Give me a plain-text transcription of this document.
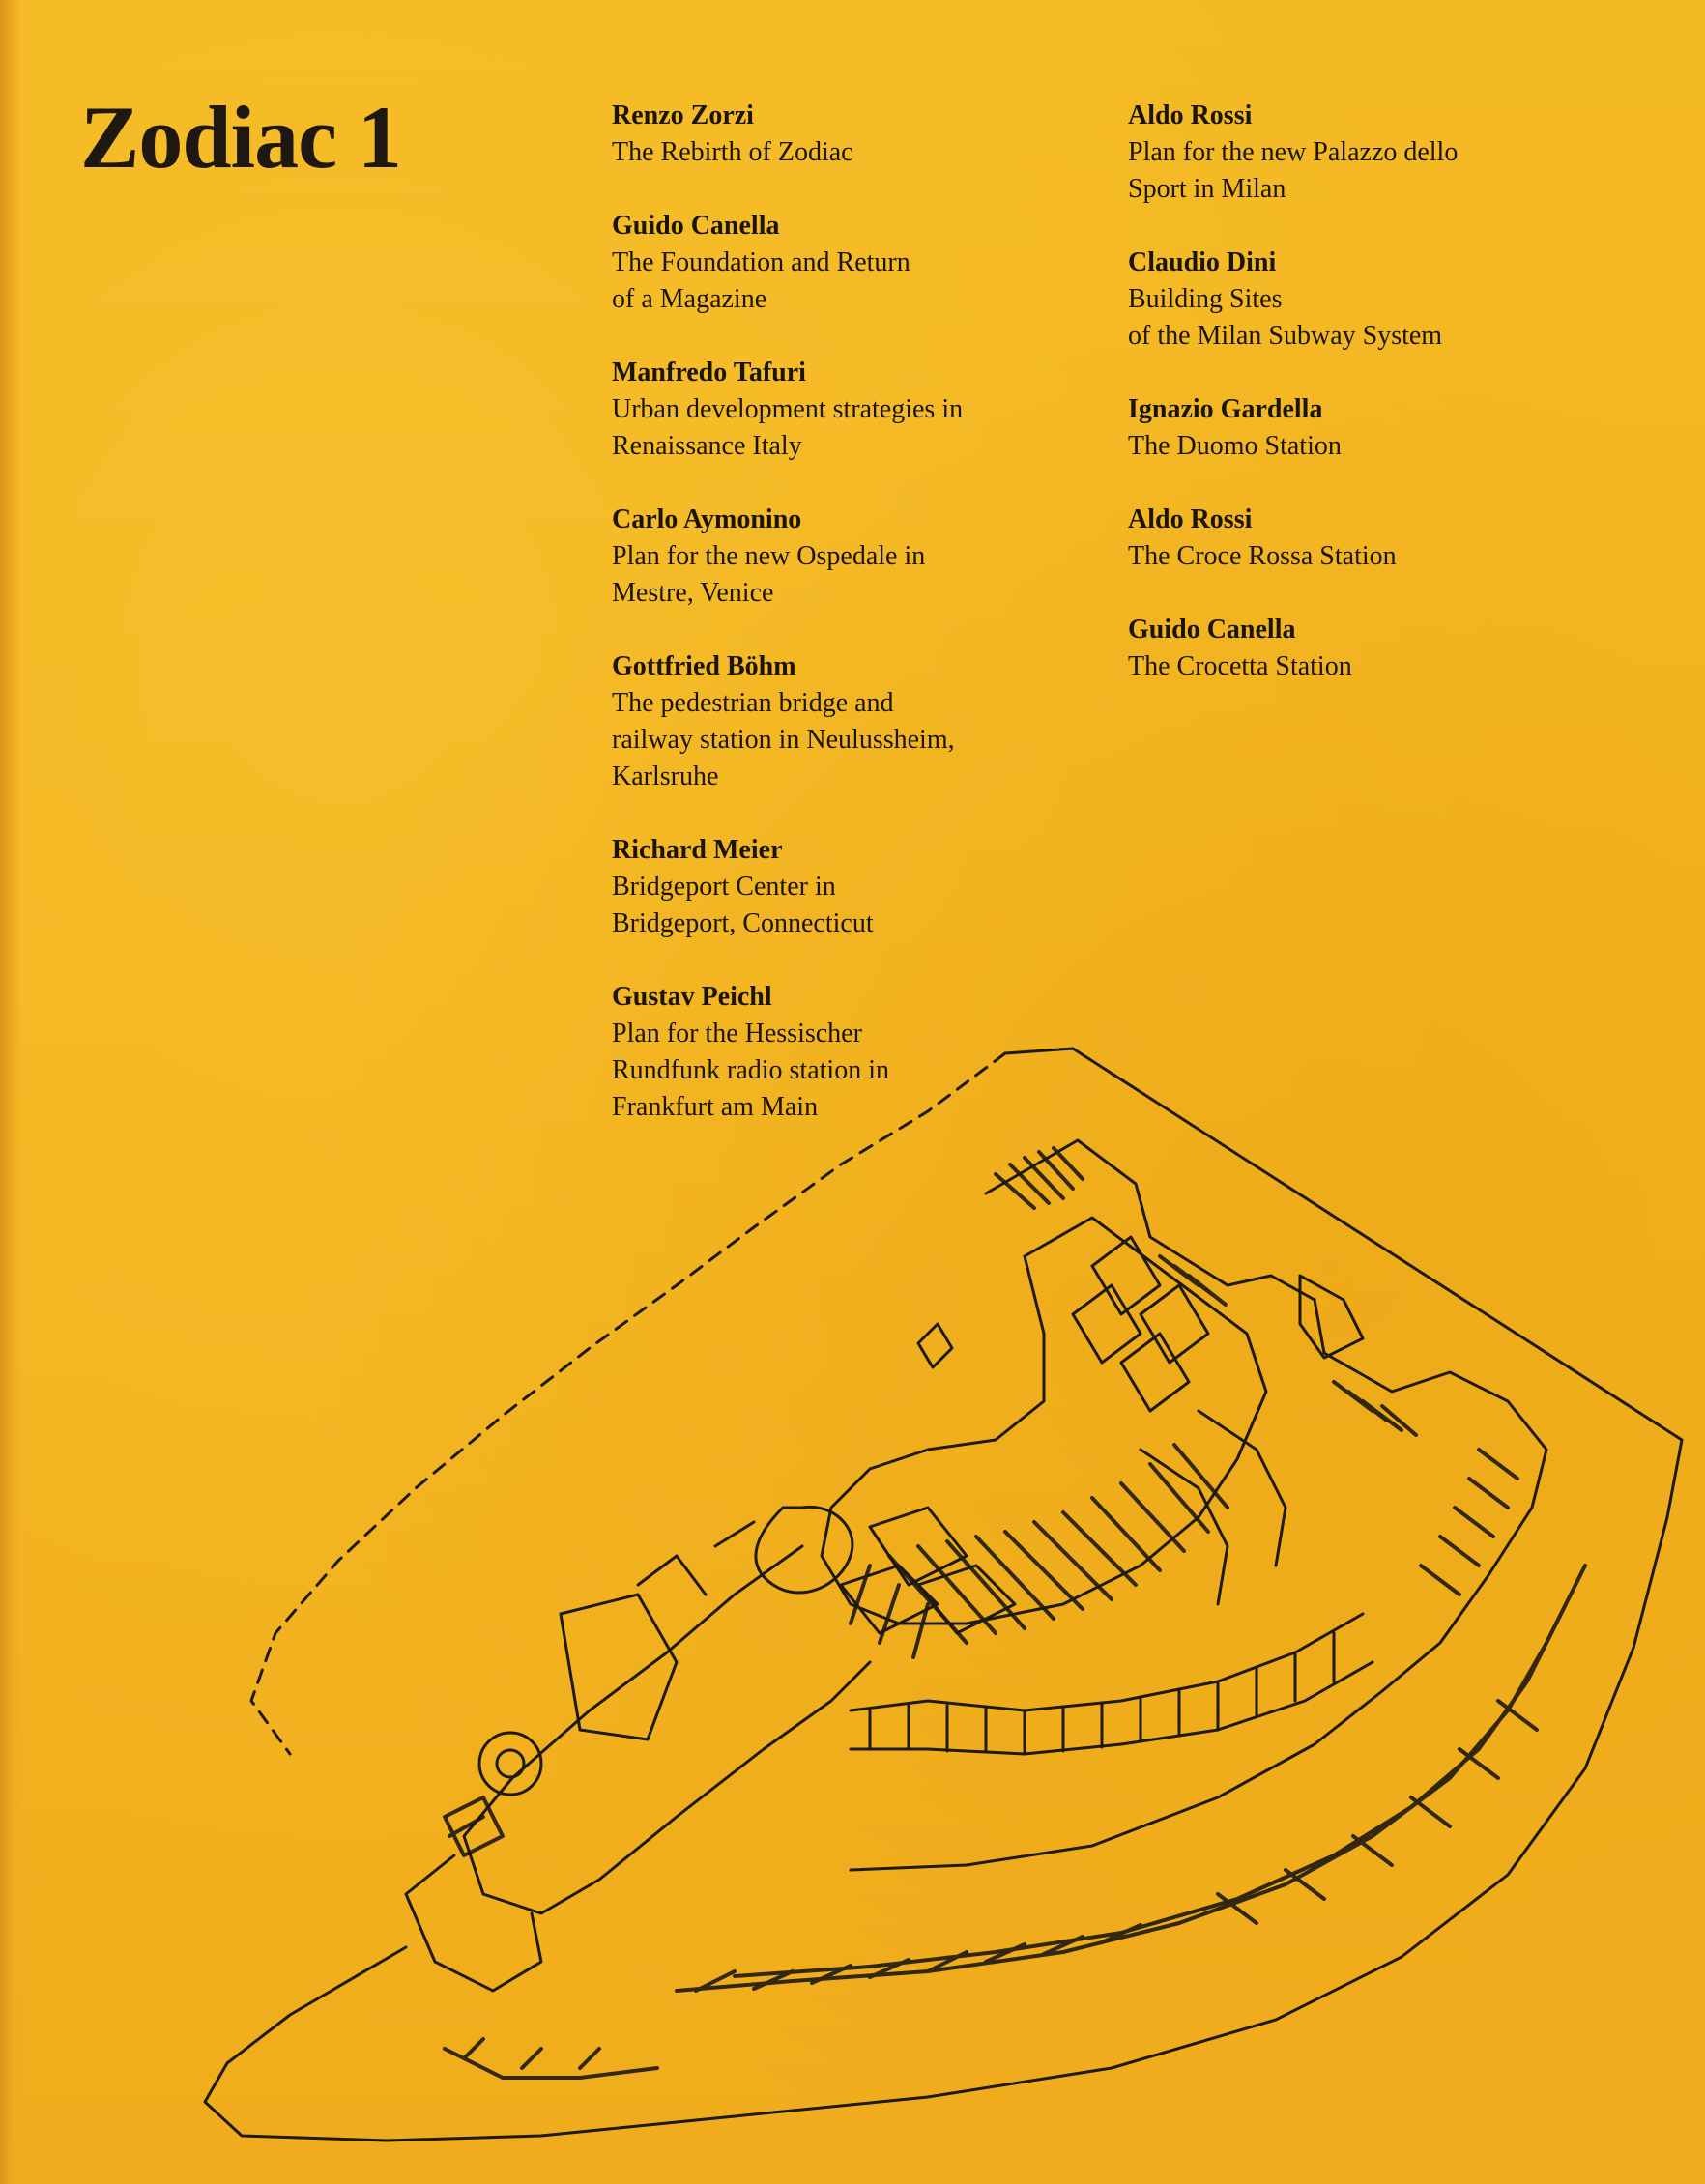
Zodiac 1	Renzo Zorzi
The Rebirth of Zodiac
Guido Canella
The Foundation and Return
of a Magazine
Manfredo Tafuri
Urban development strategies in
Renaissance Italy
Carlo Aymonino
Plan for the new Ospedale in
Mestre, Venice
Gottfried Böhm
The pedestrian bridge and
railway station in Neulussheim,
Karlsruhe
Richard Meier
Bridgeport Center in
Bridgeport, Connecticut
Gustav Peichl
Plan for the Hessischer
Rundfunk radio station in
Frankfurt am Main
Aldo Rossi
Plan for the new Palazzo dello
Sport in Milan
Claudio Dini
Building Sites
of the Milan Subway System
Ignazio Gardella
The Duomo Station
Aldo Rossi
The Croce Rossa Station
Guido Canella
The Crocetta Station
